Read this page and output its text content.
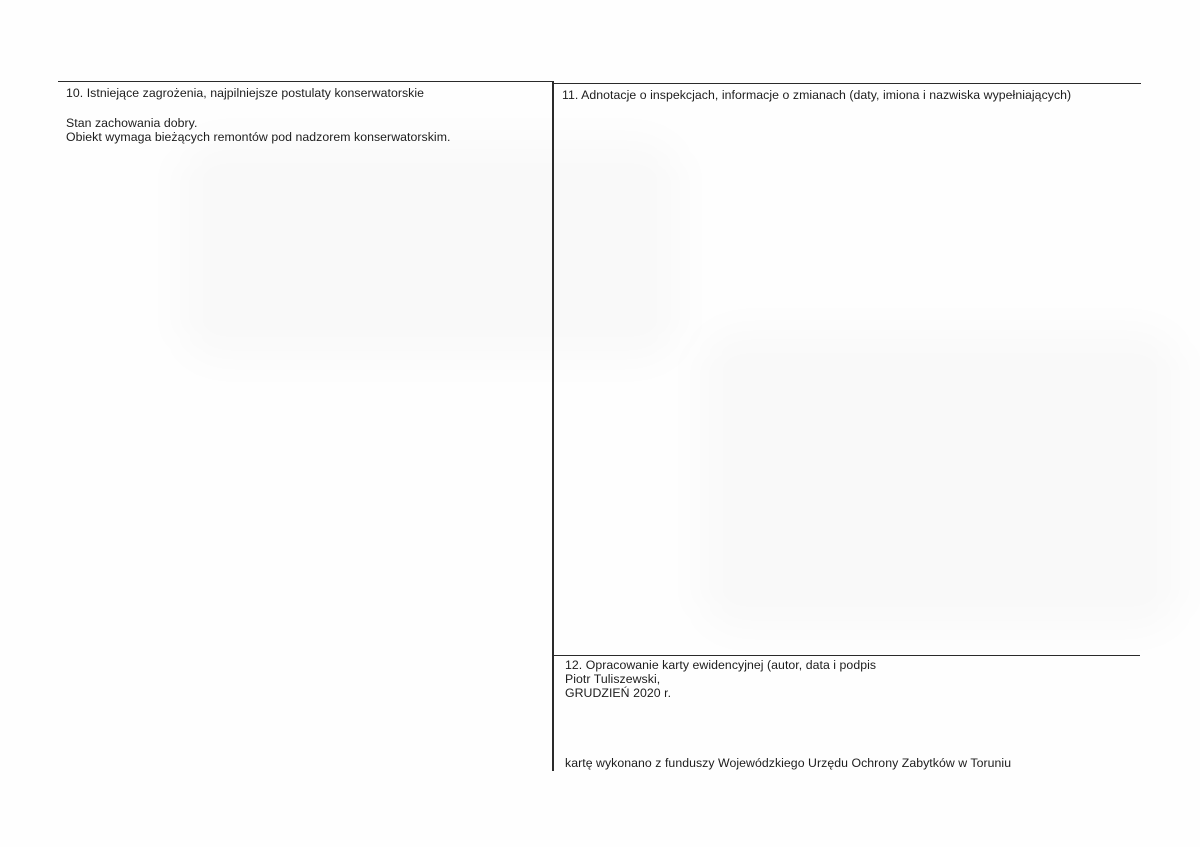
10. Istniejące zagrożenia, najpilniejsze postulaty konserwatorskie
Stan zachowania dobry.
Obiekt wymaga bieżących remontów pod nadzorem konserwatorskim.
11. Adnotacje o inspekcjach, informacje o zmianach (daty, imiona i nazwiska wypełniających)
12. Opracowanie karty ewidencyjnej (autor, data i podpis
Piotr Tuliszewski,
GRUDZIEŃ 2020 r.
kartę wykonano z funduszy Wojewódzkiego Urzędu Ochrony Zabytków w Toruniu
